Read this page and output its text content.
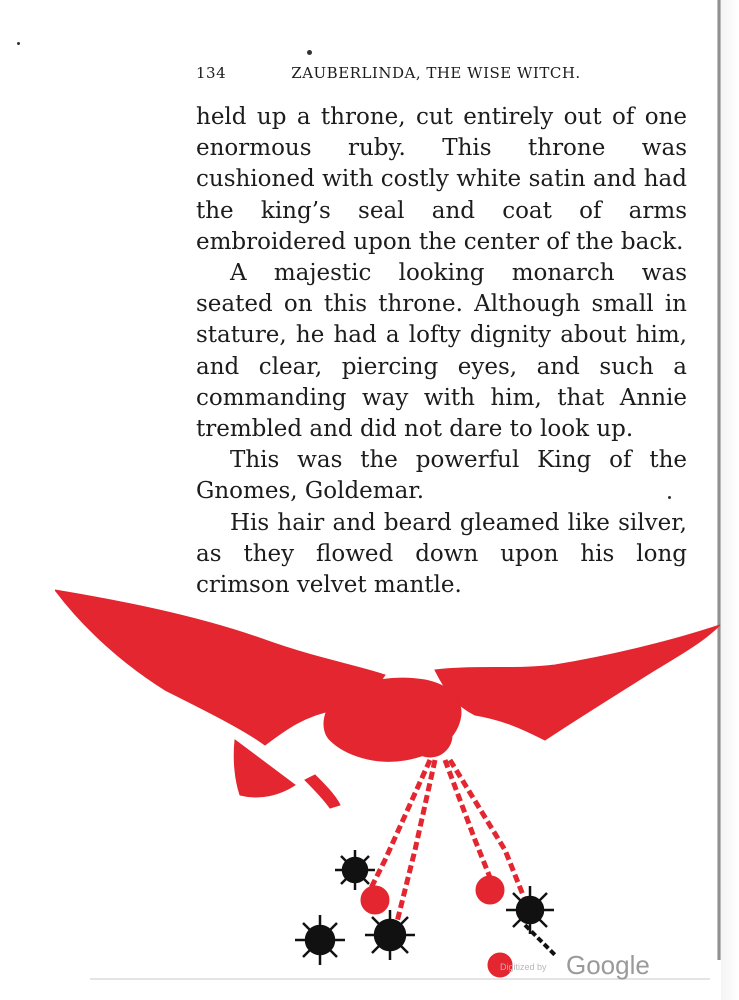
134	ZAUBERLINDA, THE WISE WITCH.

held up a throne, cut entirely out of one enormous ruby. This throne was cushioned with costly white satin and had the king’s seal and coat of arms embroidered upon the center of the back.

A majestic looking monarch was seated on this throne. Although small in stature, he had a lofty dignity about him, and clear, piercing eyes, and such a commanding way with him, that Annie trembled and did not dare to look up.

This was the powerful King of the Gnomes, Goldemar.

His hair and beard gleamed like silver, as they flowed down upon his long crimson velvet mantle.

Digitized by Google
